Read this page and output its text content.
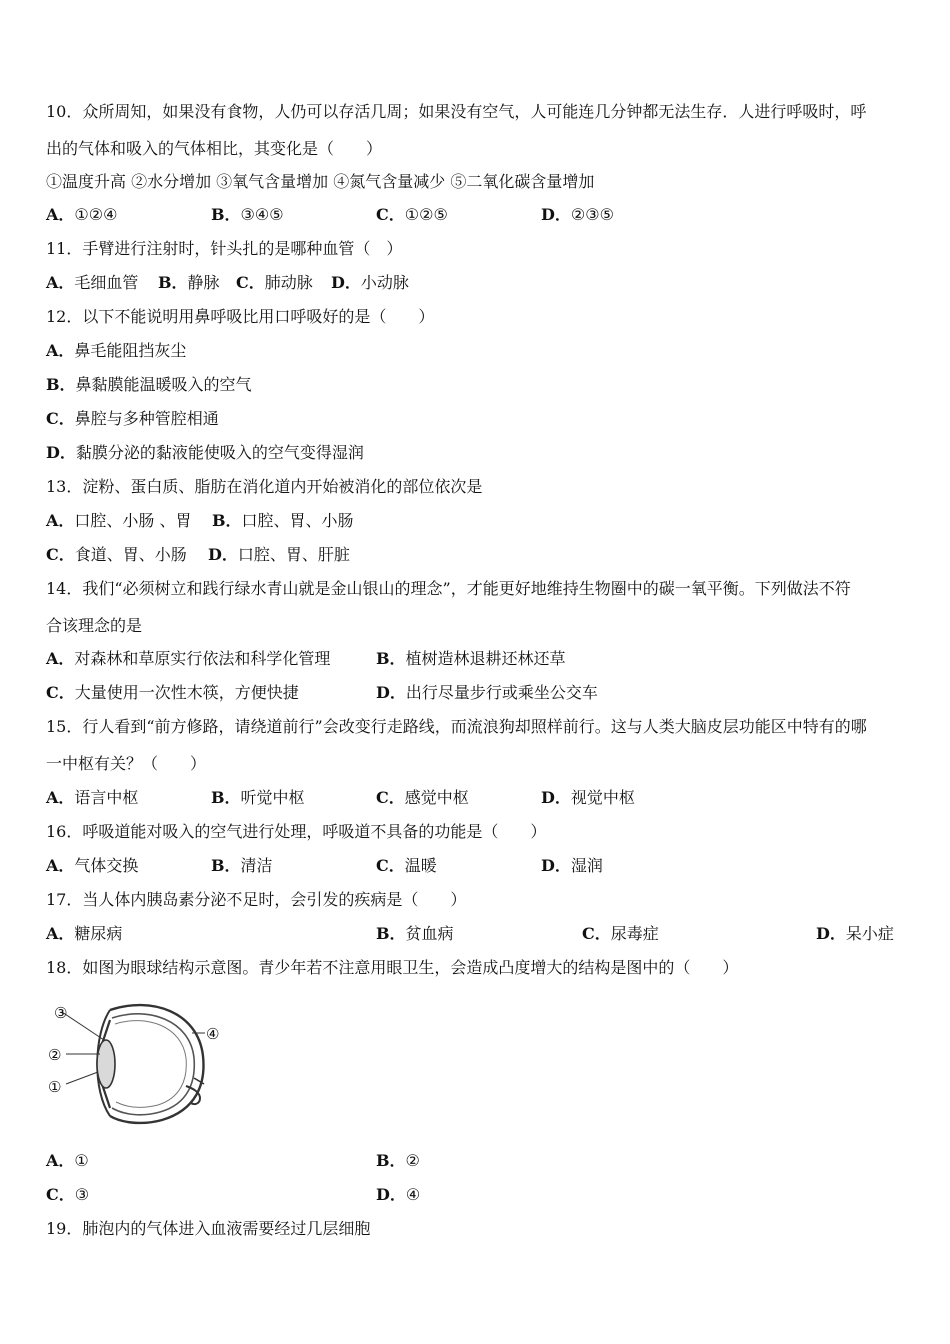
10．众所周知，如果没有食物，人仍可以存活几周；如果没有空气，人可能连几分钟都无法生存．人进行呼吸时，呼
出的气体和吸入的气体相比，其变化是（　　）
①温度升高 ②水分增加 ③氧气含量增加 ④氮气含量减少 ⑤二氧化碳含量增加
A．①②④	B．③④⑤	C．①②⑤	D．②③⑤
11．手臂进行注射时，针头扎的是哪种血管（　）
A．毛细血管 B．静脉 C．肺动脉 D．小动脉
12．以下不能说明用鼻呼吸比用口呼吸好的是（　　）
A．鼻毛能阻挡灰尘
B．鼻黏膜能温暖吸入的空气
C．鼻腔与多种管腔相通
D．黏膜分泌的黏液能使吸入的空气变得湿润
13．淀粉、蛋白质、脂肪在消化道内开始被消化的部位依次是
A．口腔、小肠 、胃 B．口腔、胃、小肠
C．食道、胃、小肠 D．口腔、胃、肝脏
14．我们“必须树立和践行绿水青山就是金山银山的理念”，才能更好地维持生物圈中的碳一氧平衡。下列做法不符
合该理念的是
A．对森林和草原实行依法和科学化管理	B．植树造林退耕还林还草
C．大量使用一次性木筷，方便快捷	D．出行尽量步行或乘坐公交车
15．行人看到“前方修路，请绕道前行”会改变行走路线，而流浪狗却照样前行。这与人类大脑皮层功能区中特有的哪
一中枢有关？（　　）
A．语言中枢	B．听觉中枢	C．感觉中枢	D．视觉中枢
16．呼吸道能对吸入的空气进行处理，呼吸道不具备的功能是（　　）
A．气体交换	B．清洁	C．温暖	D．湿润
17．当人体内胰岛素分泌不足时，会引发的疾病是（　　）
A．糖尿病	B．贫血病	C．尿毒症	D．呆小症
18．如图为眼球结构示意图。青少年若不注意用眼卫生，会造成凸度增大的结构是图中的（　　）
③
②
①
④
A．①	B．②
C．③	D．④
19．肺泡内的气体进入血液需要经过几层细胞
